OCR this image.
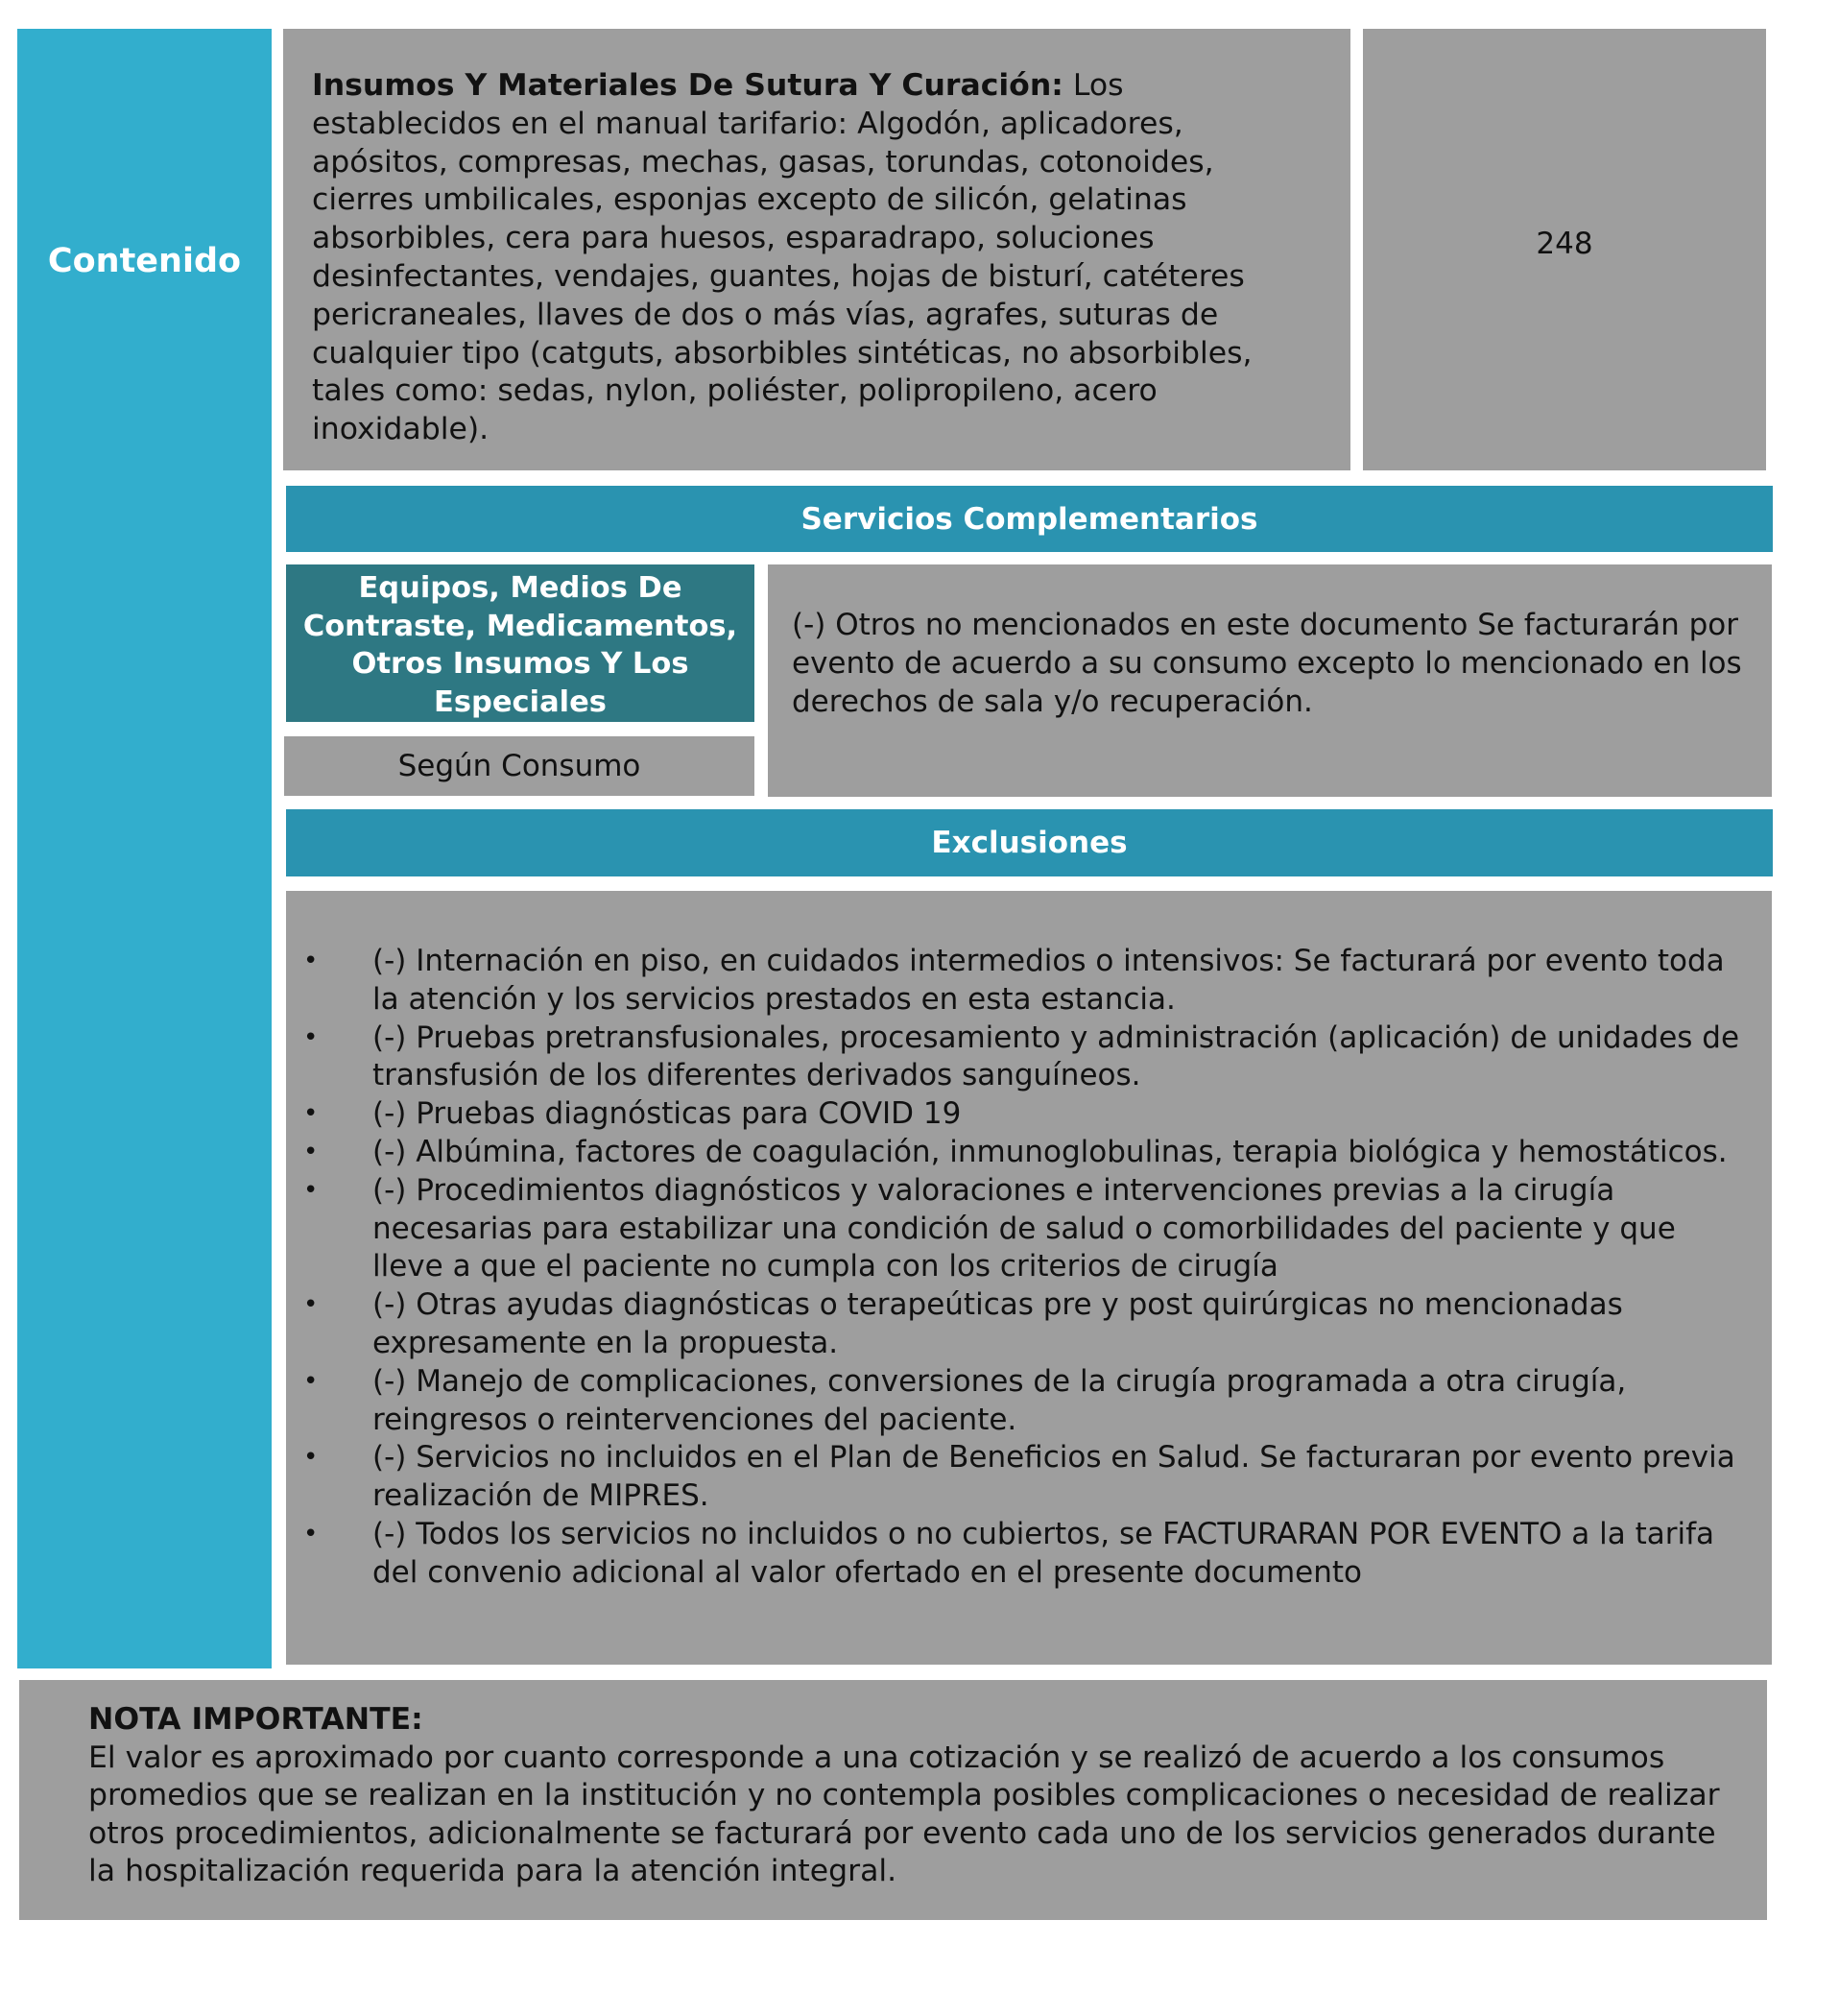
Contenido
Insumos Y Materiales De Sutura Y Curación: Los establecidos en el manual tarifario: Algodón, aplicadores, apósitos, compresas, mechas, gasas, torundas, cotonoides, cierres umbilicales, esponjas excepto de silicón, gelatinas absorbibles, cera para huesos, esparadrapo, soluciones desinfectantes, vendajes, guantes, hojas de bisturí, catéteres pericraneales, llaves de dos o más vías, agrafes, suturas de cualquier tipo (catguts, absorbibles sintéticas, no absorbibles, tales como: sedas, nylon, poliéster, polipropileno, acero inoxidable).
248
Servicios Complementarios
Equipos, Medios De Contraste, Medicamentos, Otros Insumos Y Los Especiales
Según Consumo
(-) Otros no mencionados en este documento Se facturarán por evento de acuerdo a su consumo excepto lo mencionado en los derechos de sala y/o recuperación.
Exclusiones
• (-) Internación en piso, en cuidados intermedios o intensivos: Se facturará por evento toda la atención y los servicios prestados en esta estancia.
• (-) Pruebas pretransfusionales, procesamiento y administración (aplicación) de unidades de transfusión de los diferentes derivados sanguíneos.
• (-) Pruebas diagnósticas para COVID 19
• (-) Albúmina, factores de coagulación, inmunoglobulinas, terapia biológica y hemostáticos.
• (-) Procedimientos diagnósticos y valoraciones e intervenciones previas a la cirugía necesarias para estabilizar una condición de salud o comorbilidades del paciente y que lleve a que el paciente no cumpla con los criterios de cirugía
• (-) Otras ayudas diagnósticas o terapeúticas pre y post quirúrgicas no mencionadas expresamente en la propuesta.
• (-) Manejo de complicaciones, conversiones de la cirugía programada a otra cirugía, reingresos o reintervenciones del paciente.
• (-) Servicios no incluidos en el Plan de Beneficios en Salud. Se facturaran por evento previa realización de MIPRES.
• (-) Todos los servicios no incluidos o no cubiertos, se FACTURARAN POR EVENTO a la tarifa del convenio adicional al valor ofertado en el presente documento
NOTA IMPORTANTE:
El valor es aproximado por cuanto corresponde a una cotización y se realizó de acuerdo a los consumos promedios que se realizan en la institución y no contempla posibles complicaciones o necesidad de realizar otros procedimientos, adicionalmente se facturará por evento cada uno de los servicios generados durante la hospitalización requerida para la atención integral.
